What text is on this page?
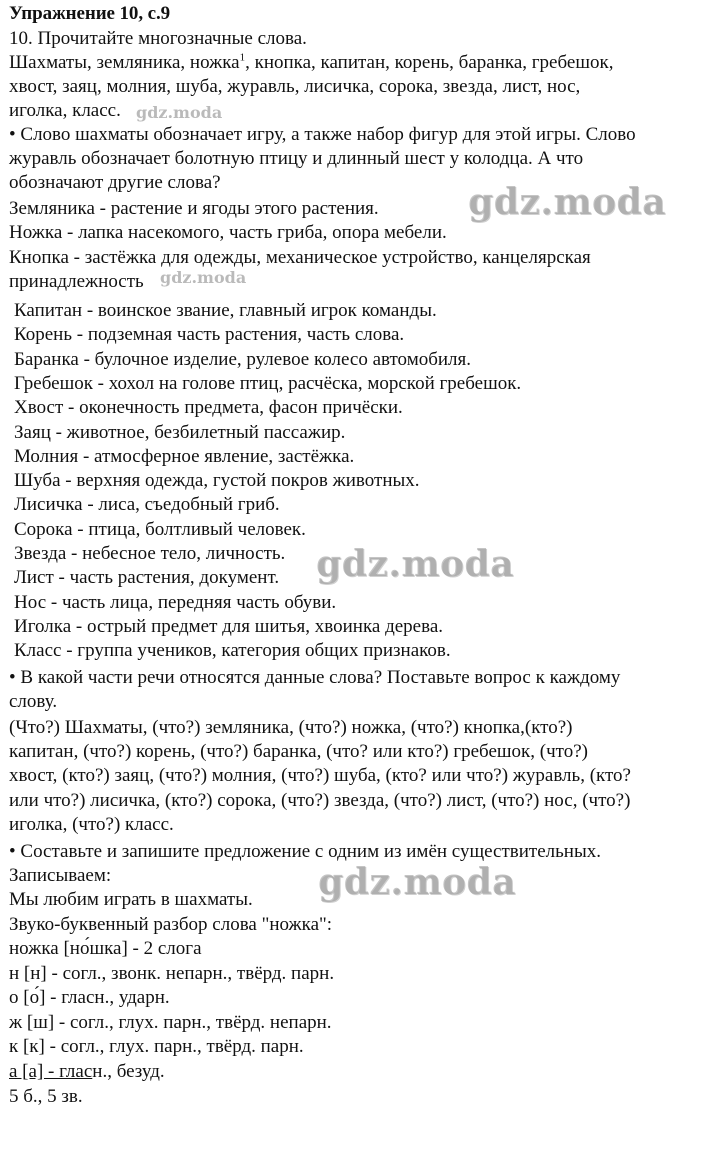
Упражнение 10, с.9
10. Прочитайте многозначные слова.
Шахматы, земляника, ножка$^1$, кнопка, капитан, корень, баранка, гребешок,
хвост, заяц, молния, шуба, журавль, лисичка, сорока, звезда, лист, нос,
иголка, класс.
• Слово шахматы обозначает игру, а также набор фигур для этой игры. Слово
журавль обозначает болотную птицу и длинный шест у колодца. А что
обозначают другие слова?
Земляника - растение и ягоды этого растения.
Ножка - лапка насекомого, часть гриба, опора мебели.
Кнопка - застёжка для одежды, механическое устройство, канцелярская
принадлежность
Капитан - воинское звание, главный игрок команды.
Корень - подземная часть растения, часть слова.
Баранка - булочное изделие, рулевое колесо автомобиля.
Гребешок - хохол на голове птиц, расчёска, морской гребешок.
Хвост - оконечность предмета, фасон причёски.
Заяц - животное, безбилетный пассажир.
Молния - атмосферное явление, застёжка.
Шуба - верхняя одежда, густой покров животных.
Лисичка - лиса, съедобный гриб.
Сорока - птица, болтливый человек.
Звезда - небесное тело, личность.
Лист - часть растения, документ.
Нос - часть лица, передняя часть обуви.
Иголка - острый предмет для шитья, хвоинка дерева.
Класс - группа учеников, категория общих признаков.
• В какой части речи относятся данные слова? Поставьте вопрос к каждому
слову.
(Что?) Шахматы, (что?) земляника, (что?) ножка, (что?) кнопка,(кто?)
капитан, (что?) корень, (что?) баранка, (что? или кто?) гребешок, (что?)
хвост, (кто?) заяц, (что?) молния, (что?) шуба, (кто? или что?) журавль, (кто?
или что?) лисичка, (кто?) сорока, (что?) звезда, (что?) лист, (что?) нос, (что?)
иголка, (что?) класс.
• Составьте и запишите предложение с одним из имён существительных.
Записываем:
Мы любим играть в шахматы.
Звуко-буквенный разбор слова "ножка":
ножка [но́шка] - 2 слога
н [н] - согл., звонк. непарн., твёрд. парн.
о [о́] - гласн., ударн.
ж [ш] - согл., глух. парн., твёрд. непарн.
к [к] - согл., глух. парн., твёрд. парн.
а [а] - гласн., безуд.
5 б., 5 зв.
gdz.moda
gdz.moda
gdz.moda
gdz.moda
gdz.moda
